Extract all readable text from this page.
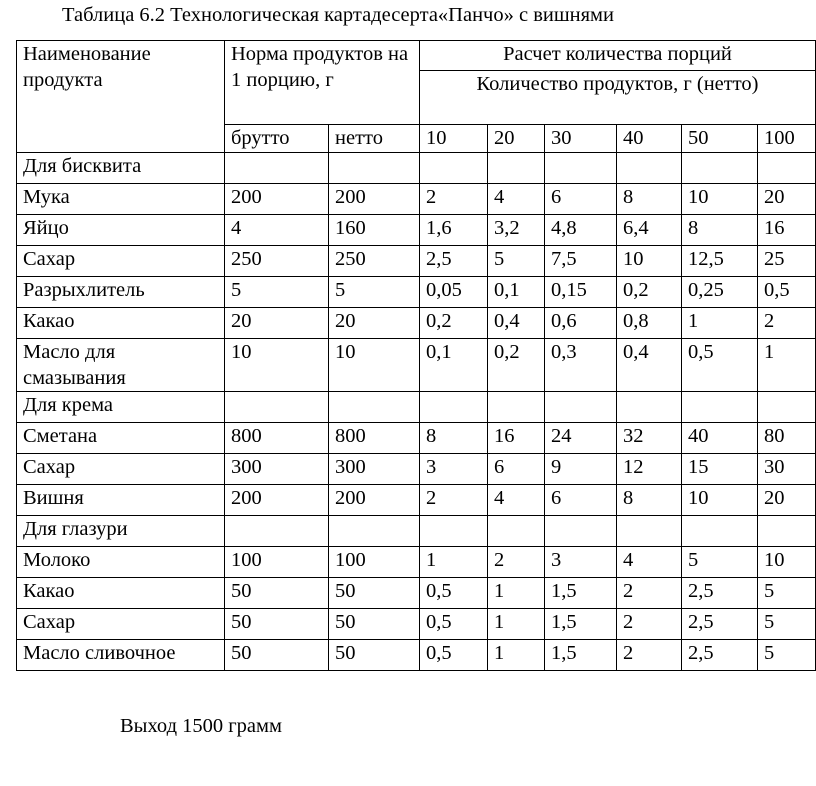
Таблица 6.2 Технологическая картадесерта«Панчо» с вишнями
Наименование продукта	Норма продуктов на 1 порцию, г		Расчет количества порций					
			Количество продуктов, г (нетто)					
	брутто	нетто	10	20	30	40	50	100
Для бисквита								
Мука	200	200	2	4	6	8	10	20
Яйцо	4	160	1,6	3,2	4,8	6,4	8	16
Сахар	250	250	2,5	5	7,5	10	12,5	25
Разрыхлитель	5	5	0,05	0,1	0,15	0,2	0,25	0,5
Какао	20	20	0,2	0,4	0,6	0,8	1	2
Масло для смазывания	10	10	0,1	0,2	0,3	0,4	0,5	1
Для крема								
Сметана	800	800	8	16	24	32	40	80
Сахар	300	300	3	6	9	12	15	30
Вишня	200	200	2	4	6	8	10	20
Для глазури								
Молоко	100	100	1	2	3	4	5	10
Какао	50	50	0,5	1	1,5	2	2,5	5
Сахар	50	50	0,5	1	1,5	2	2,5	5
Масло сливочное	50	50	0,5	1	1,5	2	2,5	5
Выход 1500 грамм
